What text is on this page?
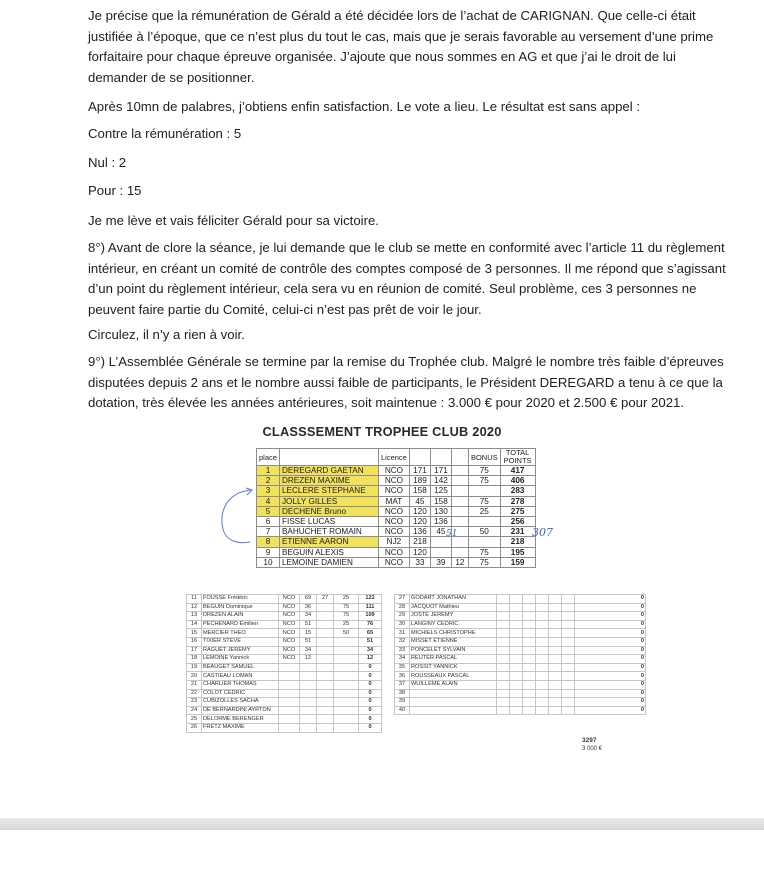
Je précise que la rémunération de Gérald a été décidée lors de l’achat de CARIGNAN. Que celle-ci était justifiée à l’époque, que ce n’est plus du tout le cas, mais que je serais favorable au versement d’une prime forfaitaire pour chaque épreuve organisée. J’ajoute que nous sommes en AG et que j’ai le droit de lui demander de se positionner.

Après 10mn de palabres, j’obtiens enfin satisfaction. Le vote a lieu. Le résultat est sans appel :

Contre la rémunération : 5

Nul : 2

Pour : 15

Je me lève et vais féliciter Gérald pour sa victoire.

8°) Avant de clore la séance, je lui demande que le club se mette en conformité avec l’article 11 du règlement intérieur, en créant un comité de contrôle des comptes composé de 3 personnes. Il me répond que s’agissant d’un point du règlement intérieur, cela sera vu en réunion de comité. Seul problème, ces 3 personnes ne peuvent faire partie du Comité, celui-ci n’est pas prêt de voir le jour.

Circulez, il n’y a rien à voir.

9°) L’Assemblée Générale se termine par la remise du Trophée club. Malgré le nombre très faible d’épreuves disputées depuis 2 ans et le nombre aussi faible de participants, le Président DEREGARD a tenu à ce que la dotation, très élevée les années antérieures, soit maintenue : 3.000 € pour 2020 et 2.500 € pour 2021.

CLASSSEMENT TROPHEE CLUB 2020
place		Licence				BONUS	TOTAL POINTS
1	DEREGARD GAETAN	NCO	171	171		75	417
2	DREZEN MAXIME	NCO	189	142		75	406
3	LECLERE STEPHANE	NCO	158	125			283
4	JOLLY GILLES	MAT	45	158		75	278
5	DECHENE Bruno	NCO	120	130		25	275
6	FISSE LUCAS	NCO	120	136			256
7	BAHUCHET ROMAIN	NCO	136	45		50	231
8	ETIENNE AARON	NJ2	218				218
9	BEGUIN ALEXIS	NCO	120			75	195
10	LEMOINE DAMIEN	NCO	33	39	12	75	159
51	307
11	FOUSSE Frédéric	NCO	69	27	25	121
12	BEGUIN Dominique	NCO	36		75	111
13	DREZEN ALAIN	NCO	34		75	109
14	PECHENARD Emilien	NCO	51		25	76
15	MERCIER THEO	NCO	15		50	65
16	TIXIER STEVE	NCO	51			51
17	RAGUET JEREMY	NCO	34			34
18	LEMOINE Yannick	NCO	12			12
19	BEAUGET SAMUEL					0
20	CASTIEAU LOMAN					0
21	CHARLIER THOMAS					0
22	COLOT CEDRIC					0
23	CUBIZOLLES SACHA					0
24	DE BERNARDINI AYRTON					0
25	DELORME BERENGER					0
26	FRETZ MAXIME					0
27	GODART JONATHAN							0
28	JACQUOT Mathieu							0
29	JOSTE JEREMY							0
30	LANGINY CEDRIC							0
31	MICHIELS CHRISTOPHE							0
32	MISSET ETIENNE							0
33	PONCELET SYLVAIN							0
34	REUTER PASCAL							0
35	ROSSIT YANNICK							0
36	ROUSSEAUX PASCAL							0
37	WUILLEME ALAIN							0
38								0
39								0
40								0
3297
3 000 €
